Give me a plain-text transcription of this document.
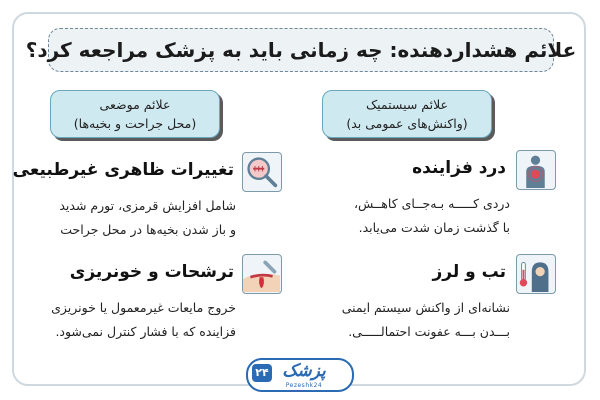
علائم هشداردهنده: چه زمانی باید به پزشک مراجعه کرد؟
علائم سیستمیک
(واکنش‌های عمومی بد)
علائم موضعی
(محل جراحت و بخیه‌ها)
درد فزاینده
دردی کـــــه بـه‌جــای کاهــش،
با گذشت زمان شدت می‌یابد.
تب و لرز
نشانه‌ای از واکنش سیستم ایمنی
بـــدن بـــه عفونت احتمالـــــی.
تغییرات ظاهری غیرطبیعی
شامل افزایش قرمزی، تورم شدید
و باز شدن بخیه‌ها در محل جراحت
ترشحات و خونریزی
خروج مایعات غیرمعمول یا خونریزی
فزاینده که با فشار کنترل نمی‌شود.
۲۴ پزشک
Pezeshk24
